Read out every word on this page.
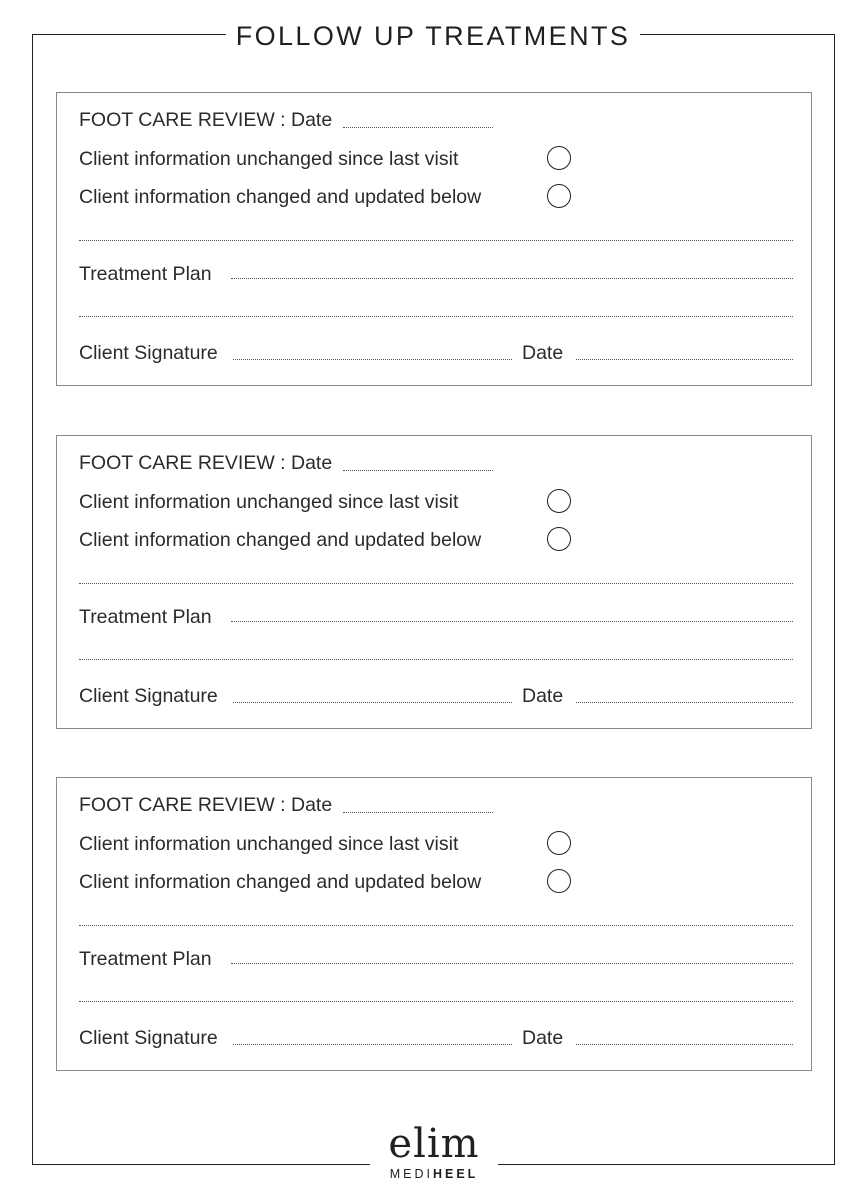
FOLLOW UP TREATMENTS
FOOT CARE REVIEW : Date
Client information unchanged since last visit
Client information changed and updated below
Treatment Plan
Client Signature	Date
FOOT CARE REVIEW : Date
Client information unchanged since last visit
Client information changed and updated below
Treatment Plan
Client Signature	Date
FOOT CARE REVIEW : Date
Client information unchanged since last visit
Client information changed and updated below
Treatment Plan
Client Signature	Date
elim
MEDIHEEL
